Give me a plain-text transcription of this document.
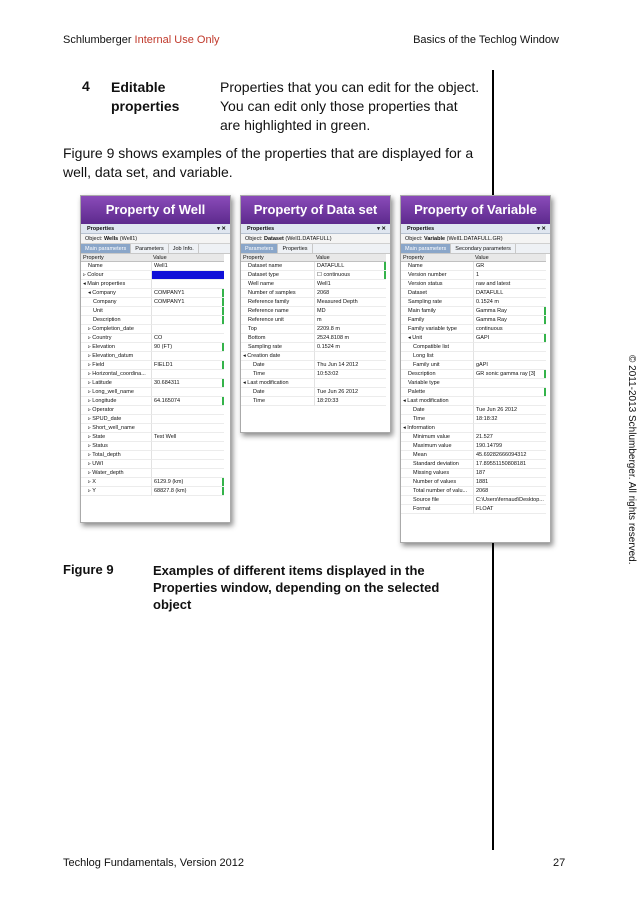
Schlumberger Internal Use Only	Basics of the Techlog Window
© 2011-2013 Schlumberger. All rights reserved.
4 Editable properties
Properties that you can edit for the object. You can edit only those properties that are highlighted in green.
Figure 9 shows examples of the properties that are displayed for a well, data set, and variable.
Property of Well
Properties	▾ ✕
Object: Wells (Well1)
Main parameters	Parameters	Job Info.
Property	Value
Name	Well1
▹ Colour
◂ Main properties
◂ Company	COMPANY1
Company	COMPANY1
Unit
Description
▹ Completion_date
▹ Country	CO
▹ Elevation	90 (FT)
▹ Elevation_datum
▹ Field	FIELD1
▹ Horizontal_coordina...
▹ Latitude	30.684311
▹ Long_well_name
▹ Longitude	64.165074
▹ Operator
▹ SPUD_date
▹ Short_well_name
▹ State	Test Well
▹ Status
▹ Total_depth
▹ UWI
▹ Water_depth
▹ X	6129.9 (km)
▹ Y	68827.8 (km)
Property of Data set
Properties	▾ ✕
Object: Dataset (Well1.DATAFULL)
Parameters	Properties
Property	Value
Dataset name	DATAFULL
Dataset type	☐ continuous
Well name	Well1
Number of samples	2068
Reference family	Measured Depth
Reference name	MD
Reference unit	m
Top	2209.8 m
Bottom	2524.8108 m
Sampling rate	0.1524 m
◂ Creation date
Date	Thu Jun 14 2012
Time	10:53:02
◂ Last modification
Date	Tue Jun 26 2012
Time	18:20:33
Property of Variable
Properties	▾ ✕
Object: Variable (Well1.DATAFULL.GR)
Main parameters	Secondary parameters
Property	Value
Name	GR
Version number	1
Version status	raw and latest
Dataset	DATAFULL
Sampling rate	0.1524 m
Main family	Gamma Ray
Family	Gamma Ray
Family variable type	continuous
◂ Unit	GAPI
Compatible list
Long list
Family unit	gAPI
Description	GR sonic gamma ray [3]
Variable type
Palette
◂ Last modification
Date	Tue Jun 26 2012
Time	18:18:32
◂ Information
Minimum value	21.527
Maximum value	190.14799
Mean	45.69282666094312
Standard deviation	17.89551150808181
Missing values	187
Number of values	1881
Total number of valu...	2068
Source file	C:\Users\fernaud\Desktop...
Format	FLOAT
Figure 9	Examples of different items displayed in the Properties window, depending on the selected object
Techlog Fundamentals, Version 2012	27
